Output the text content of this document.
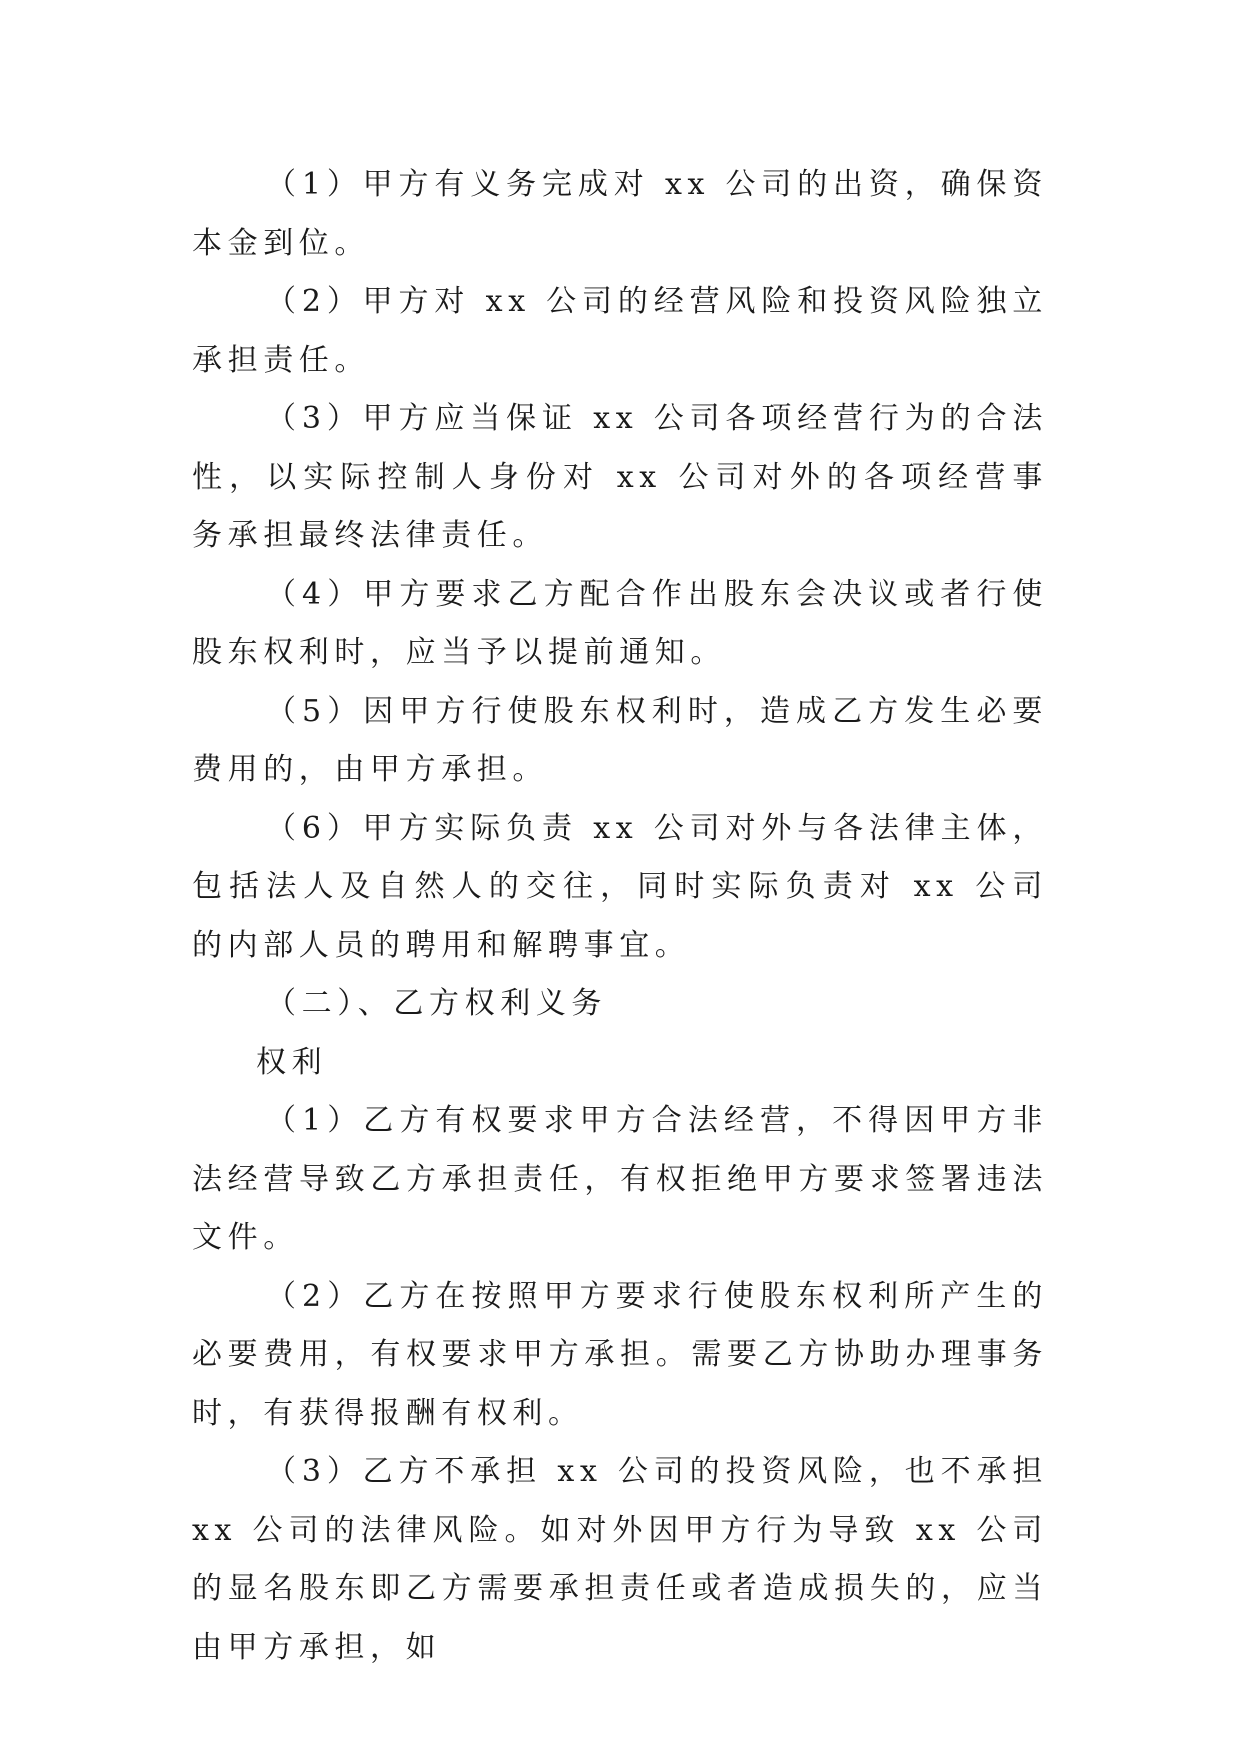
（1）甲方有义务完成对 xx 公司的出资，确保资本金到位。

（2）甲方对 xx 公司的经营风险和投资风险独立承担责任。

（3）甲方应当保证 xx 公司各项经营行为的合法性，以实际控制人身份对 xx 公司对外的各项经营事务承担最终法律责任。

（4）甲方要求乙方配合作出股东会决议或者行使股东权利时，应当予以提前通知。

（5）因甲方行使股东权利时，造成乙方发生必要费用的，由甲方承担。

（6）甲方实际负责 xx 公司对外与各法律主体，包括法人及自然人的交往，同时实际负责对 xx 公司的内部人员的聘用和解聘事宜。

（二）、乙方权利义务

权利

（1）乙方有权要求甲方合法经营，不得因甲方非法经营导致乙方承担责任，有权拒绝甲方要求签署违法文件。

（2）乙方在按照甲方要求行使股东权利所产生的必要费用，有权要求甲方承担。需要乙方协助办理事务时，有获得报酬有权利。

（3）乙方不承担 xx 公司的投资风险，也不承担 xx 公司的法律风险。如对外因甲方行为导致 xx 公司的显名股东即乙方需要承担责任或者造成损失的，应当由甲方承担，如
